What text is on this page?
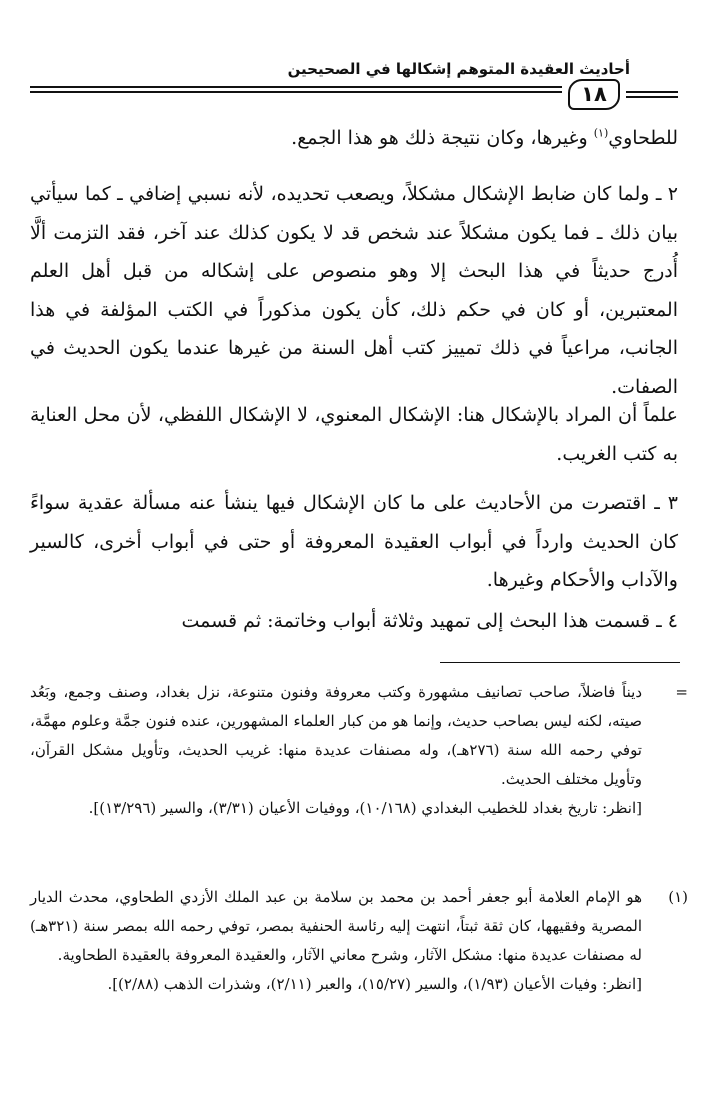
أحاديث العقيدة المتوهم إشكالها في الصحيحين
١٨

للطحاوي$^{(١)}$ وغيرها، وكان نتيجة ذلك هو هذا الجمع.

٢ ـ ولما كان ضابط الإشكال مشكلاً، ويصعب تحديده، لأنه نسبي إضافي ـ كما سيأتي بيان ذلك ـ فما يكون مشكلاً عند شخص قد لا يكون كذلك عند آخر، فقد التزمت ألَّا أُدرج حديثاً في هذا البحث إلا وهو منصوص على إشكاله من قبل أهل العلم المعتبرين، أو كان في حكم ذلك، كأن يكون مذكوراً في الكتب المؤلفة في هذا الجانب، مراعياً في ذلك تمييز كتب أهل السنة من غيرها عندما يكون الحديث في الصفات.

علماً أن المراد بالإشكال هنا: الإشكال المعنوي، لا الإشكال اللفظي، لأن محل العناية به كتب الغريب.

٣ ـ اقتصرت من الأحاديث على ما كان الإشكال فيها ينشأ عنه مسألة عقدية سواءً كان الحديث وارداً في أبواب العقيدة المعروفة أو حتى في أبواب أخرى، كالسير والآداب والأحكام وغيرها.

٤ ـ قسمت هذا البحث إلى تمهيد وثلاثة أبواب وخاتمة: ثم قسمت

=

ديناً فاضلاً، صاحب تصانيف مشهورة وكتب معروفة وفنون متنوعة، نزل بغداد، وصنف وجمع، وبَعُد صيته، لكنه ليس بصاحب حديث، وإنما هو من كبار العلماء المشهورين، عنده فنون جمَّة وعلوم مهمَّة، توفي رحمه الله سنة (٢٧٦هـ)، وله مصنفات عديدة منها: غريب الحديث، وتأويل مشكل القرآن، وتأويل مختلف الحديث.

[انظر: تاريخ بغداد للخطيب البغدادي (١٠/١٦٨)، ووفيات الأعيان (٣/٣١)، والسير (١٣/٢٩٦)].

(١)

هو الإمام العلامة أبو جعفر أحمد بن محمد بن سلامة بن عبد الملك الأزدي الطحاوي، محدث الديار المصرية وفقيهها، كان ثقة ثبتاً، انتهت إليه رئاسة الحنفية بمصر، توفي رحمه الله بمصر سنة (٣٢١هـ) له مصنفات عديدة منها: مشكل الآثار، وشرح معاني الآثار، والعقيدة المعروفة بالعقيدة الطحاوية.

[انظر: وفيات الأعيان (١/٩٣)، والسير (١٥/٢٧)، والعبر (٢/١١)، وشذرات الذهب (٢/٨٨)].
